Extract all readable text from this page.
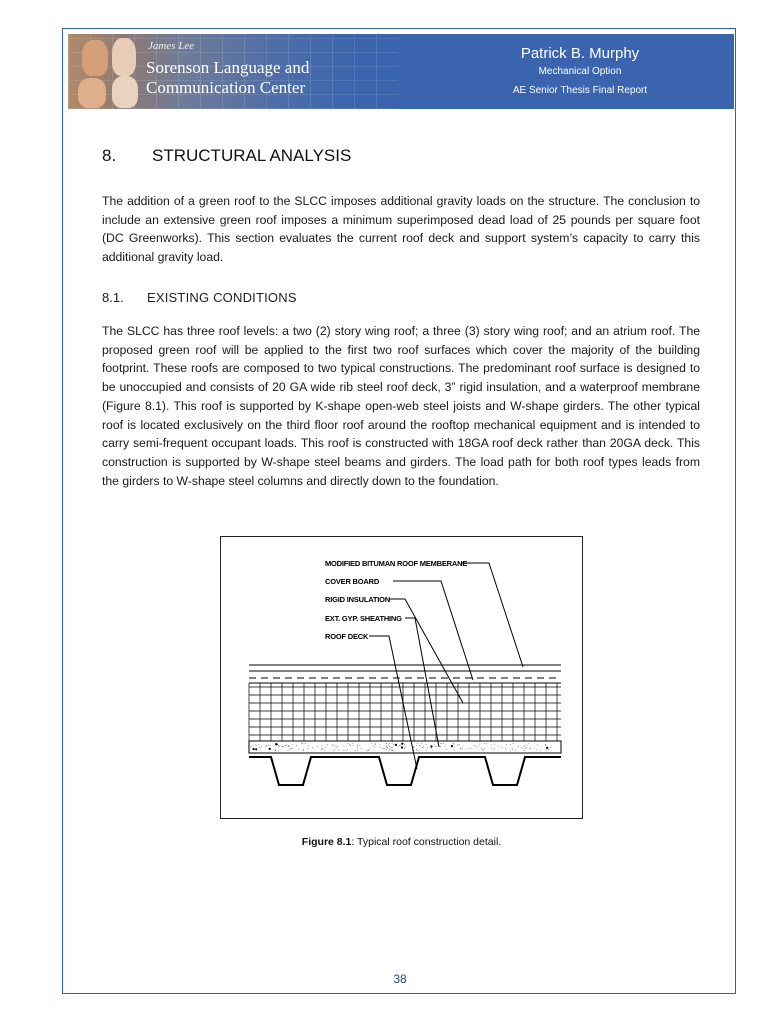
James Lee
Sorenson Language and
Communication Center
Patrick B. Murphy
Mechanical Option
AE Senior Thesis Final Report
8. STRUCTURAL ANALYSIS
The addition of a green roof to the SLCC imposes additional gravity loads on the structure. The conclusion to include an extensive green roof imposes a minimum superimposed dead load of 25 pounds per square foot (DC Greenworks). This section evaluates the current roof deck and support system’s capacity to carry this additional gravity load.
8.1. EXISTING CONDITIONS
The SLCC has three roof levels: a two (2) story wing roof; a three (3) story wing roof; and an atrium roof. The proposed green roof will be applied to the first two roof surfaces which cover the majority of the building footprint. These roofs are composed to two typical constructions. The predominant roof surface is designed to be unoccupied and consists of 20 GA wide rib steel roof deck, 3” rigid insulation, and a waterproof membrane (Figure 8.1). This roof is supported by K-shape open-web steel joists and W-shape girders. The other typical roof is located exclusively on the third floor roof around the rooftop mechanical equipment and is intended to carry semi-frequent occupant loads. This roof is constructed with 18GA roof deck rather than 20GA deck. This construction is supported by W-shape steel beams and girders. The load path for both roof types leads from the girders to W-shape steel columns and directly down to the foundation.
MODIFIED BITUMAN ROOF MEMBERANE
COVER BOARD
RIGID INSULATION
EXT. GYP. SHEATHING
ROOF DECK
Figure 8.1: Typical roof construction detail.
38
